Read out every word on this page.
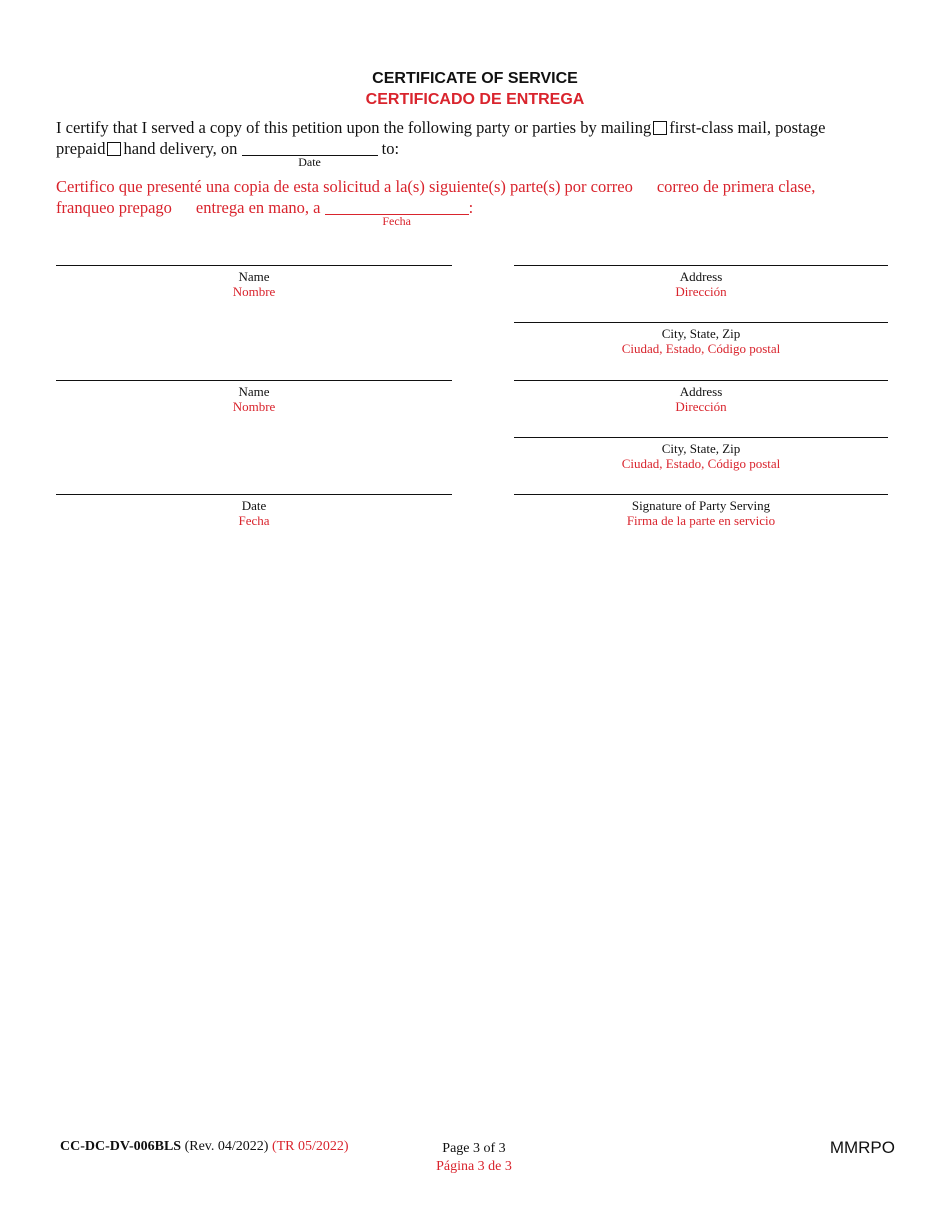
CERTIFICATE OF SERVICE
CERTIFICADO DE ENTREGA
I certify that I served a copy of this petition upon the following party or parties by mailing first-class mail, postage
prepaid hand delivery, on
Date
to:
Certifico que presenté una copia de esta solicitud a la(s) siguiente(s) parte(s) por correo correo de primera clase,
franqueo prepago entrega en mano, a
Fecha
:
Name
Nombre
Address
Dirección
City, State, Zip
Ciudad, Estado, Código postal
Name
Nombre
Address
Dirección
City, State, Zip
Ciudad, Estado, Código postal
Date
Fecha
Signature of Party Serving
Firma de la parte en servicio
CC-DC-DV-006BLS (Rev. 04/2022) (TR 05/2022)	Page 3 of 3
Página 3 de 3
MMRPO
